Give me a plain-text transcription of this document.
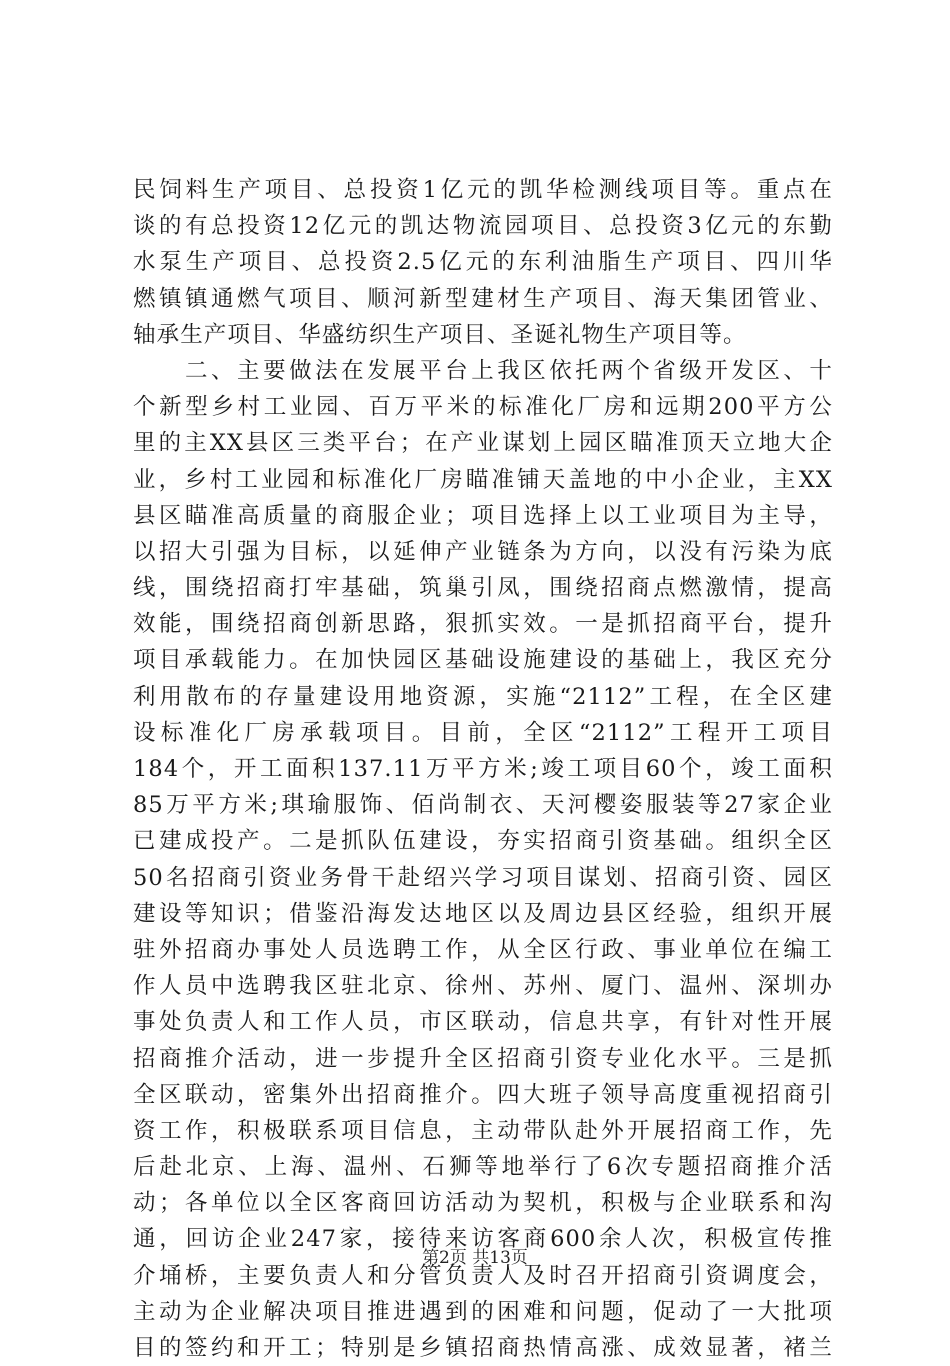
民饲料生产项目、总投资1亿元的凯华检测线项目等。重点在
谈的有总投资12亿元的凯达物流园项目、总投资3亿元的东勤
水泵生产项目、总投资2.5亿元的东利油脂生产项目、四川华
燃镇镇通燃气项目、顺河新型建材生产项目、海天集团管业、
轴承生产项目、华盛纺织生产项目、圣诞礼物生产项目等。
　　二、主要做法在发展平台上我区依托两个省级开发区、十
个新型乡村工业园、百万平米的标准化厂房和远期200平方公
里的主XX县区三类平台；在产业谋划上园区瞄准顶天立地大企
业，乡村工业园和标准化厂房瞄准铺天盖地的中小企业，主XX
县区瞄准高质量的商服企业；项目选择上以工业项目为主导，
以招大引强为目标，以延伸产业链条为方向，以没有污染为底
线，围绕招商打牢基础，筑巢引凤，围绕招商点燃激情，提高
效能，围绕招商创新思路，狠抓实效。一是抓招商平台，提升
项目承载能力。在加快园区基础设施建设的基础上，我区充分
利用散布的存量建设用地资源，实施“2112”工程，在全区建
设标准化厂房承载项目。目前，全区“2112”工程开工项目
184个，开工面积137.11万平方米;竣工项目60个，竣工面积
85万平方米;琪瑜服饰、佰尚制衣、天河樱姿服装等27家企业
已建成投产。二是抓队伍建设，夯实招商引资基础。组织全区
50名招商引资业务骨干赴绍兴学习项目谋划、招商引资、园区
建设等知识；借鉴沿海发达地区以及周边县区经验，组织开展
驻外招商办事处人员选聘工作，从全区行政、事业单位在编工
作人员中选聘我区驻北京、徐州、苏州、厦门、温州、深圳办
事处负责人和工作人员，市区联动，信息共享，有针对性开展
招商推介活动，进一步提升全区招商引资专业化水平。三是抓
全区联动，密集外出招商推介。四大班子领导高度重视招商引
资工作，积极联系项目信息，主动带队赴外开展招商工作，先
后赴北京、上海、温州、石狮等地举行了6次专题招商推介活
动；各单位以全区客商回访活动为契机，积极与企业联系和沟
通，回访企业247家，接待来访客商600余人次，积极宣传推
介埇桥，主要负责人和分管负责人及时召开招商引资调度会，
主动为企业解决项目推进遇到的困难和问题，促动了一大批项
目的签约和开工；特别是乡镇招商热情高涨、成效显著，褚兰
第2页 共13页
